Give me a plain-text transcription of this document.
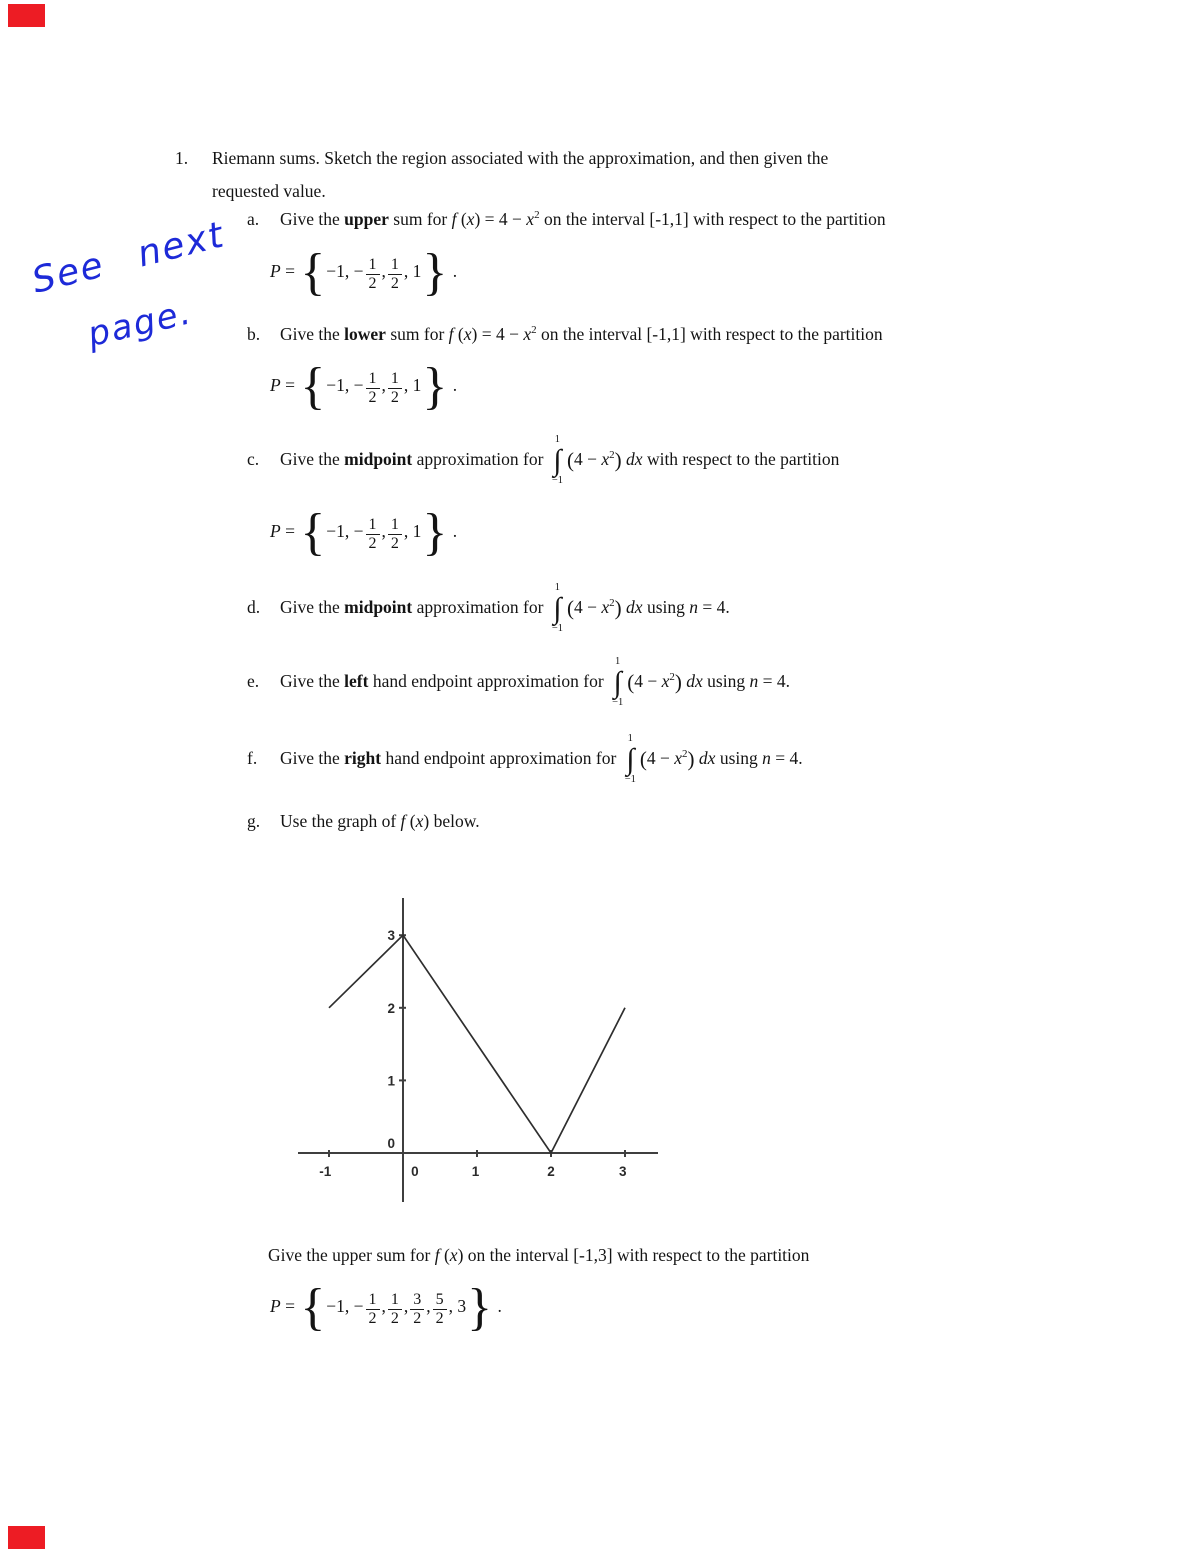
See next
page.
1. Riemann sums. Sketch the region associated with the approximation, and then given the
requested value.
a. Give the upper sum for f $(x) = 4 - x^2$ on the interval [-1,1] with respect to the partition
P = {−1, − $\frac{1}{2}$ , $\frac{1}{2}$ , 1} .
b. Give the lower sum for f $(x) = 4 - x^2$ on the interval [-1,1] with respect to the partition
P = {−1, − $\frac{1}{2}$ , $\frac{1}{2}$ , 1} .
c. Give the midpoint approximation for
1
∫
−1
$(4 - x^2)$ dx with respect to the partition
P = {−1, − $\frac{1}{2}$ , $\frac{1}{2}$ , 1} .
d. Give the midpoint approximation for
1
∫
−1
$(4 - x^2)$ dx using n = 4.
e. Give the left hand endpoint approximation for
1
∫
−1
$(4 - x^2)$ dx using n = 4.
f. Give the right hand endpoint approximation for
1
∫
−1
$(4 - x^2)$ dx using n = 4.
g. Use the graph of f (x) below.
-1	0	1	2	3
0
1
2
3
Give the upper sum for f (x) on the interval [-1,3] with respect to the partition
P = {−1, − $\frac{1}{2}$ , $\frac{1}{2}$ , $\frac{3}{2}$ , $\frac{5}{2}$ , 3} .
